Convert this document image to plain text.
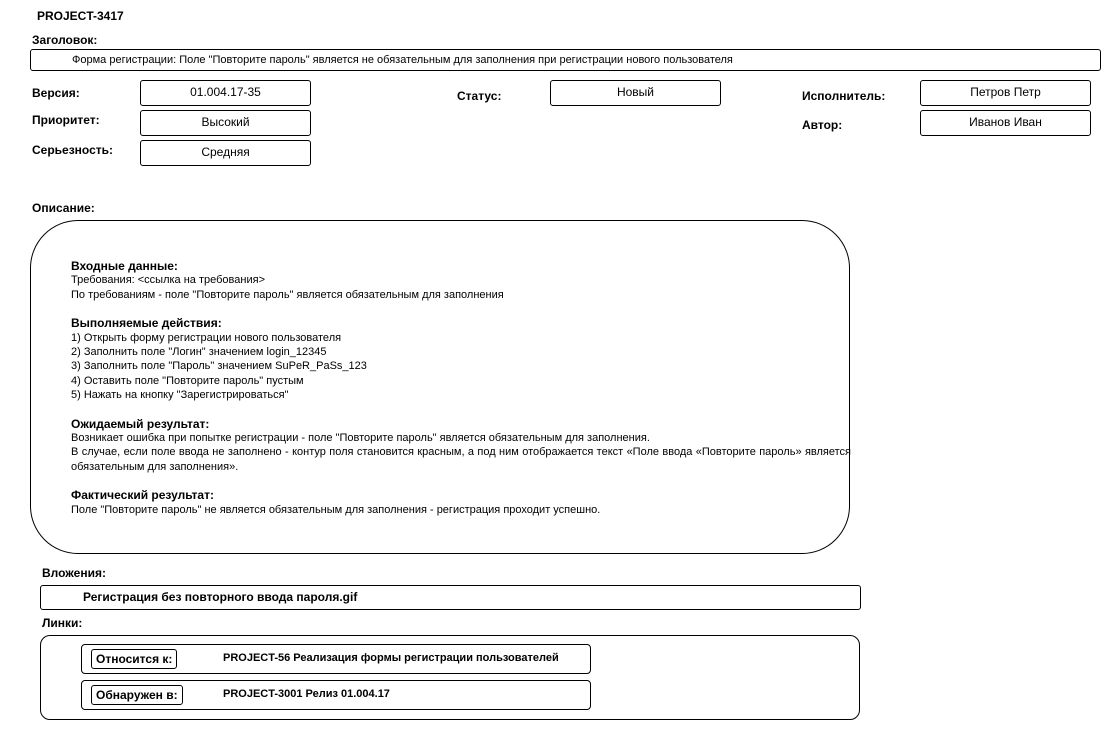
PROJECT-3417
Заголовок:
Форма регистрации: Поле "Повторите пароль" является не обязательным для заполнения при регистрации нового пользователя
Версия:	01.004.17-35
Приоритет:	Высокий
Серьезность:	Средняя
Статус:	Новый	Исполнитель:	Петров Петр
Автор:	Иванов Иван
Описание:
Входные данные:
Требования: <ссылка на требования>
По требованиям - поле "Повторите пароль" является обязательным для заполнения
Выполняемые действия:
1) Открыть форму регистрации нового пользователя
2) Заполнить поле "Логин" значением login_12345
3) Заполнить поле "Пароль" значением SuPeR_PaSs_123
4) Оставить поле "Повторите пароль" пустым
5) Нажать на кнопку "Зарегистрироваться"
Ожидаемый результат:
Возникает ошибка при попытке регистрации - поле "Повторите пароль" является обязательным для заполнения.
В случае, если поле ввода не заполнено - контур поля становится красным, а под ним отображается текст «Поле ввода «Повторите пароль» является обязательным для заполнения».
Фактический результат:
Поле "Повторите пароль" не является обязательным для заполнения - регистрация проходит успешно.
Вложения:
Регистрация без повторного ввода пароля.gif
Линки:
Относится к:	PROJECT-56 Реализация формы регистрации пользователей
Обнаружен в:	PROJECT-3001 Релиз 01.004.17
